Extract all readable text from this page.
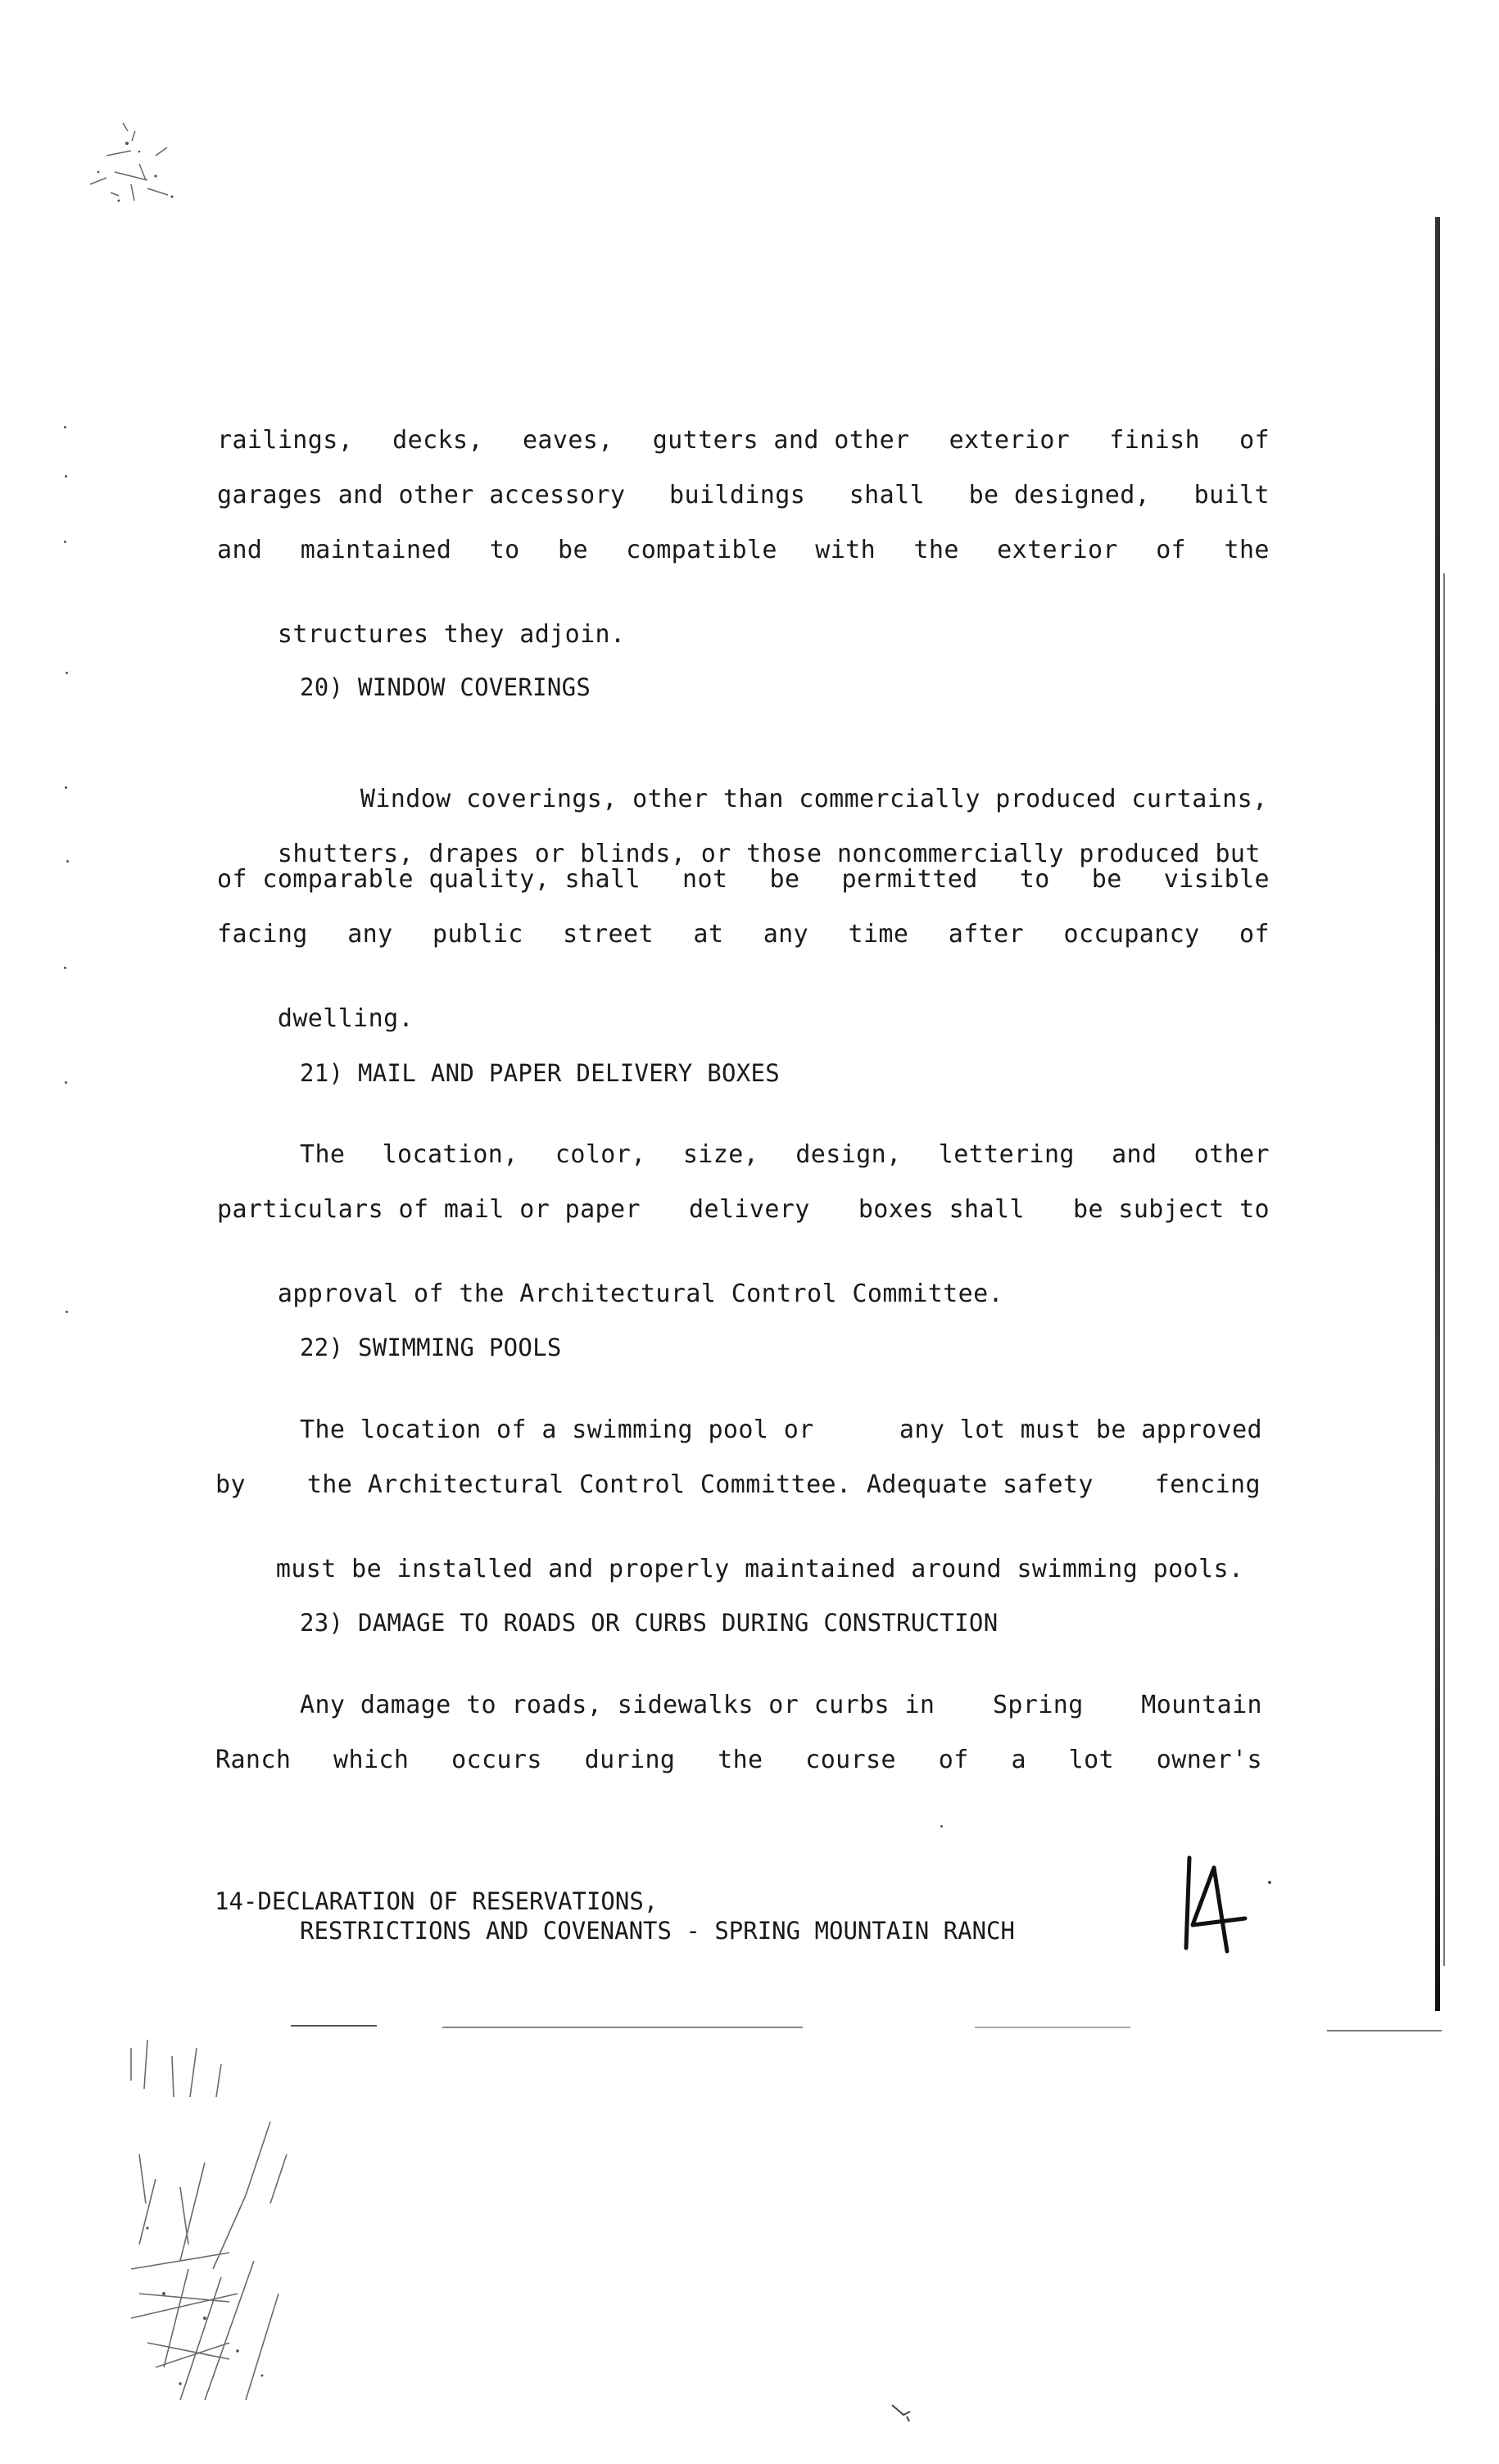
railings, decks, eaves, gutters and other exterior finish of
garages and other accessory buildings shall be designed, built
and maintained to be compatible with the exterior of the

structures they adjoin.

20) WINDOW COVERINGS

Window coverings, other than commercially produced curtains,

shutters, drapes or blinds, or those noncommercially produced but

of comparable quality, shall not be permitted to be visible
facing any public street at any time after occupancy of

dwelling.

21) MAIL AND PAPER DELIVERY BOXES
The location, color, size, design, lettering and other
particulars of mail or paper delivery boxes shall be subject to

approval of the Architectural Control Committee.

22) SWIMMING POOLS
The location of a swimming pool or	any lot must be approved
by the Architectural Control Committee. Adequate safety fencing

must be installed and properly maintained around swimming pools.

23) DAMAGE TO ROADS OR CURBS DURING CONSTRUCTION
Any damage to roads, sidewalks or curbs in Spring Mountain
Ranch which occurs during the course of a lot owner's
14-DECLARATION OF RESERVATIONS,
RESTRICTIONS AND COVENANTS - SPRING MOUNTAIN RANCH
